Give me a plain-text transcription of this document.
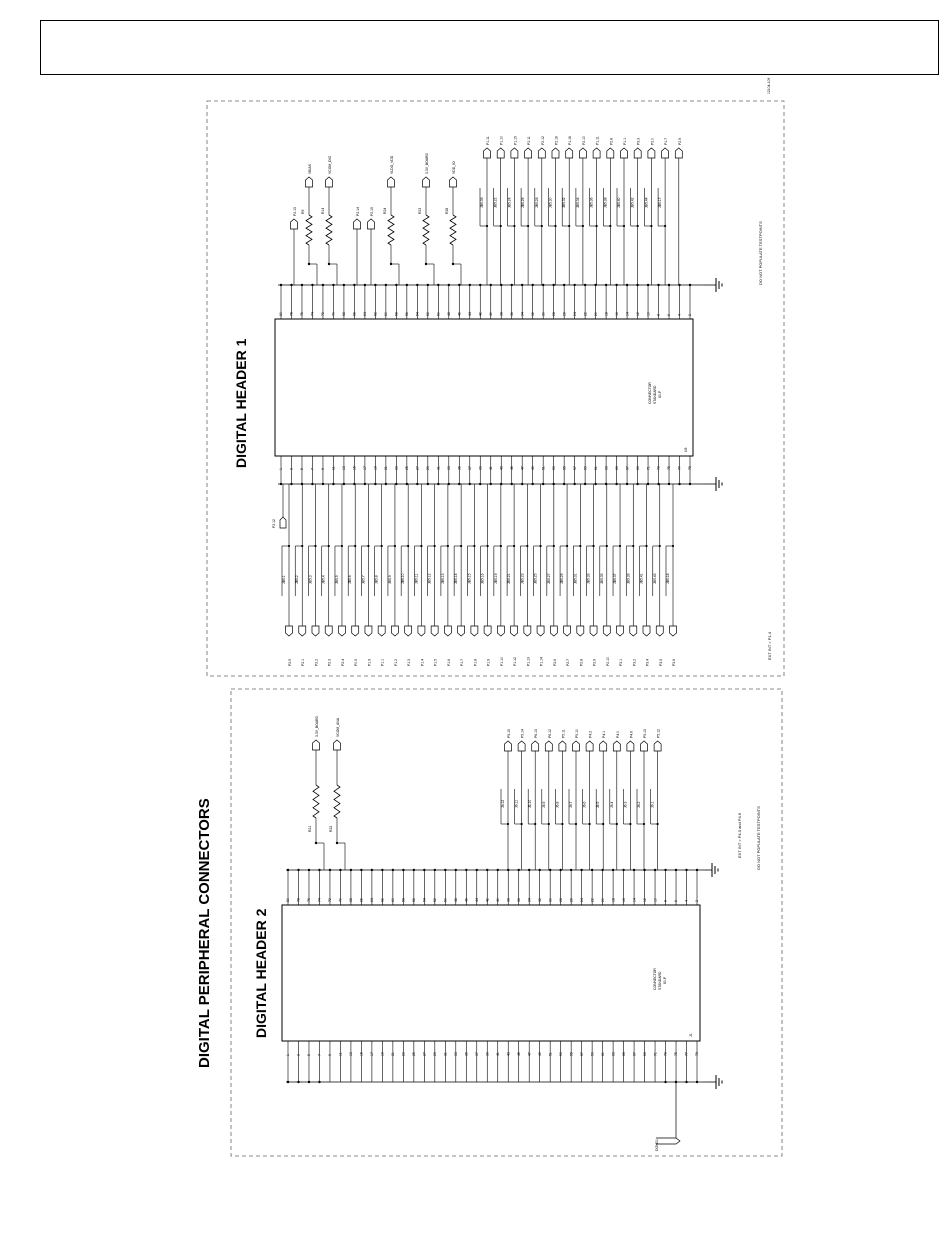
12104-109
DIGITAL PERIPHERAL CONNECTORS
DIGITAL HEADER 1
80 78 76 74 72 70 68 66 64 62 60 58 56 54 52 50 48 46 44 42 40 38 36 34 32 30 28 26 24 22 20 18 16 14 12 10 8 6 4 2
1 3 5 7 9 11 13 15 17 19 21 23 25 27 29 31 33 35 37 39 41 43 45 47 49 51 53 55 57 59 61 63 65 67 69 71 73 75 77 79
CONNECTOR STANDARD 80-P
U9
DO NOT POPULATE TESTPOINTS
EXT INT = P1.4
P2.12
P2.13
VBIAS	VCOM_DIG
P2.14	P2.15
VLDO_VDD	3.3V_BOARD	VDD_IO
R9	R14	R24	R23	R28
P1.11	P1.10	P1.15	P2.11	P2.12	P2.16	P1.16	P2.10	P1.11	P2.8	P1.1	P3.3	P2.0	P1.7	P2.9
JB5.39	JB5.22	JB5.24	JB5.26	JB5.28	JB5.30	JB5.32	JB5.34	JB5.36	JB5.38	JB5.40	JB5.42	JB5.44	JB5.17
P2.5	P2.1	P2.2	P2.3	P2.4	P0.5	P1.9	P1.1	P1.2	P1.3	P1.4	P1.5	P1.6	P1.7	P1.8	P1.9	P1.10	P1.12	P1.13	P1.14	P2.6	P2.7	P2.8	P2.9	P2.10	P3.1	P3.2	P3.4	P3.5	P3.6
JB5.1	JB5.2	JB5.3	JB5.4	JB5.5	JB5.6	JB5.7	JB5.8	JB5.9	JB5.10	JB5.11	JB5.12	JB5.13	JB5.14	JB5.15	JB5.16	JB5.19	JB5.21	JB5.23	JB5.25	JB5.27	JB5.29	JB5.31	JB5.33	JB5.35	JB5.37	JB5.39	JB5.41	JB5.43	JB5.18
DIGITAL HEADER 2
80 78 76 74 72 70 68 66 64 62 60 58 56 54 52 50 48 46 44 42 40 38 36 34 32 30 28 26 24 22 20 18 16 14 12 10 8 6 4 2
1 3 5 7 9 11 13 15 17 19 21 23 25 27 29 31 33 35 37 39 41 43 45 47 49 51 53 55 57 59 61 63 65 67 69 71 73 75 77 79
CONNECTOR STANDARD 80-P
J1
DO NOT POPULATE TESTPOINTS
EXT INT = P4.0 and P4.6
DGND1
3.3V_BOARD	VCOM_ANA
R21	R22
P5.15	P5.14	P6.13	P6.12	P5.11	P5.10	P4.2	P4.1	P4.0	P4.6	P5.13	P5.12
J6.12	J6.11	J6.10	J6.9	J6.8	J6.7	J6.6	J6.5	J6.4	J6.3	J6.2	J6.1
